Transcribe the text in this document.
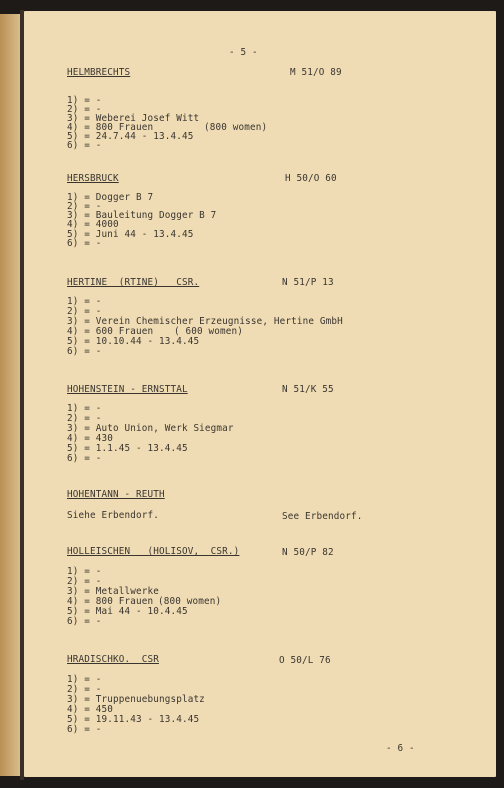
- 5 -

HELMBRECHTS	M 51/O 89

1) = -

2) = -

3) = Weberei Josef Witt

4) = 800 Frauen

5) = 24.7.44 - 13.4.45

6) = -

(800 women)

HERSBRUCK	H 50/O 60

1) = Dogger B 7

2) = -

3) = Bauleitung Dogger B 7

4) = 4000

5) = Juni 44 - 13.4.45

6) = -

HERTINE  (RTINE)   CSR.	N 51/P 13

1) = -

2) = -

3) = Verein Chemischer Erzeugnisse, Hertine GmbH

4) = 600 Frauen

5) = 10.10.44 - 13.4.45

6) = -

( 600 women)

HOHENSTEIN - ERNSTTAL	N 51/K 55

1) = -

2) = -

3) = Auto Union, Werk Siegmar

4) = 430

5) = 1.1.45 - 13.4.45

6) = -

HOHENTANN - REUTH

Siehe Erbendorf.	See Erbendorf.

HOLLEISCHEN   (HOLISOV,  CSR.)	N 50/P 82

1) = -

2) = -

3) = Metallwerke

4) = 800 Frauen

5) = Mai 44 - 10.4.45

6) = -

(800 women)

HRADISCHKO.  CSR	O 50/L 76

1) = -

2) = -

3) = Truppenuebungsplatz

4) = 450

5) = 19.11.43 - 13.4.45

6) = -

- 6 -
